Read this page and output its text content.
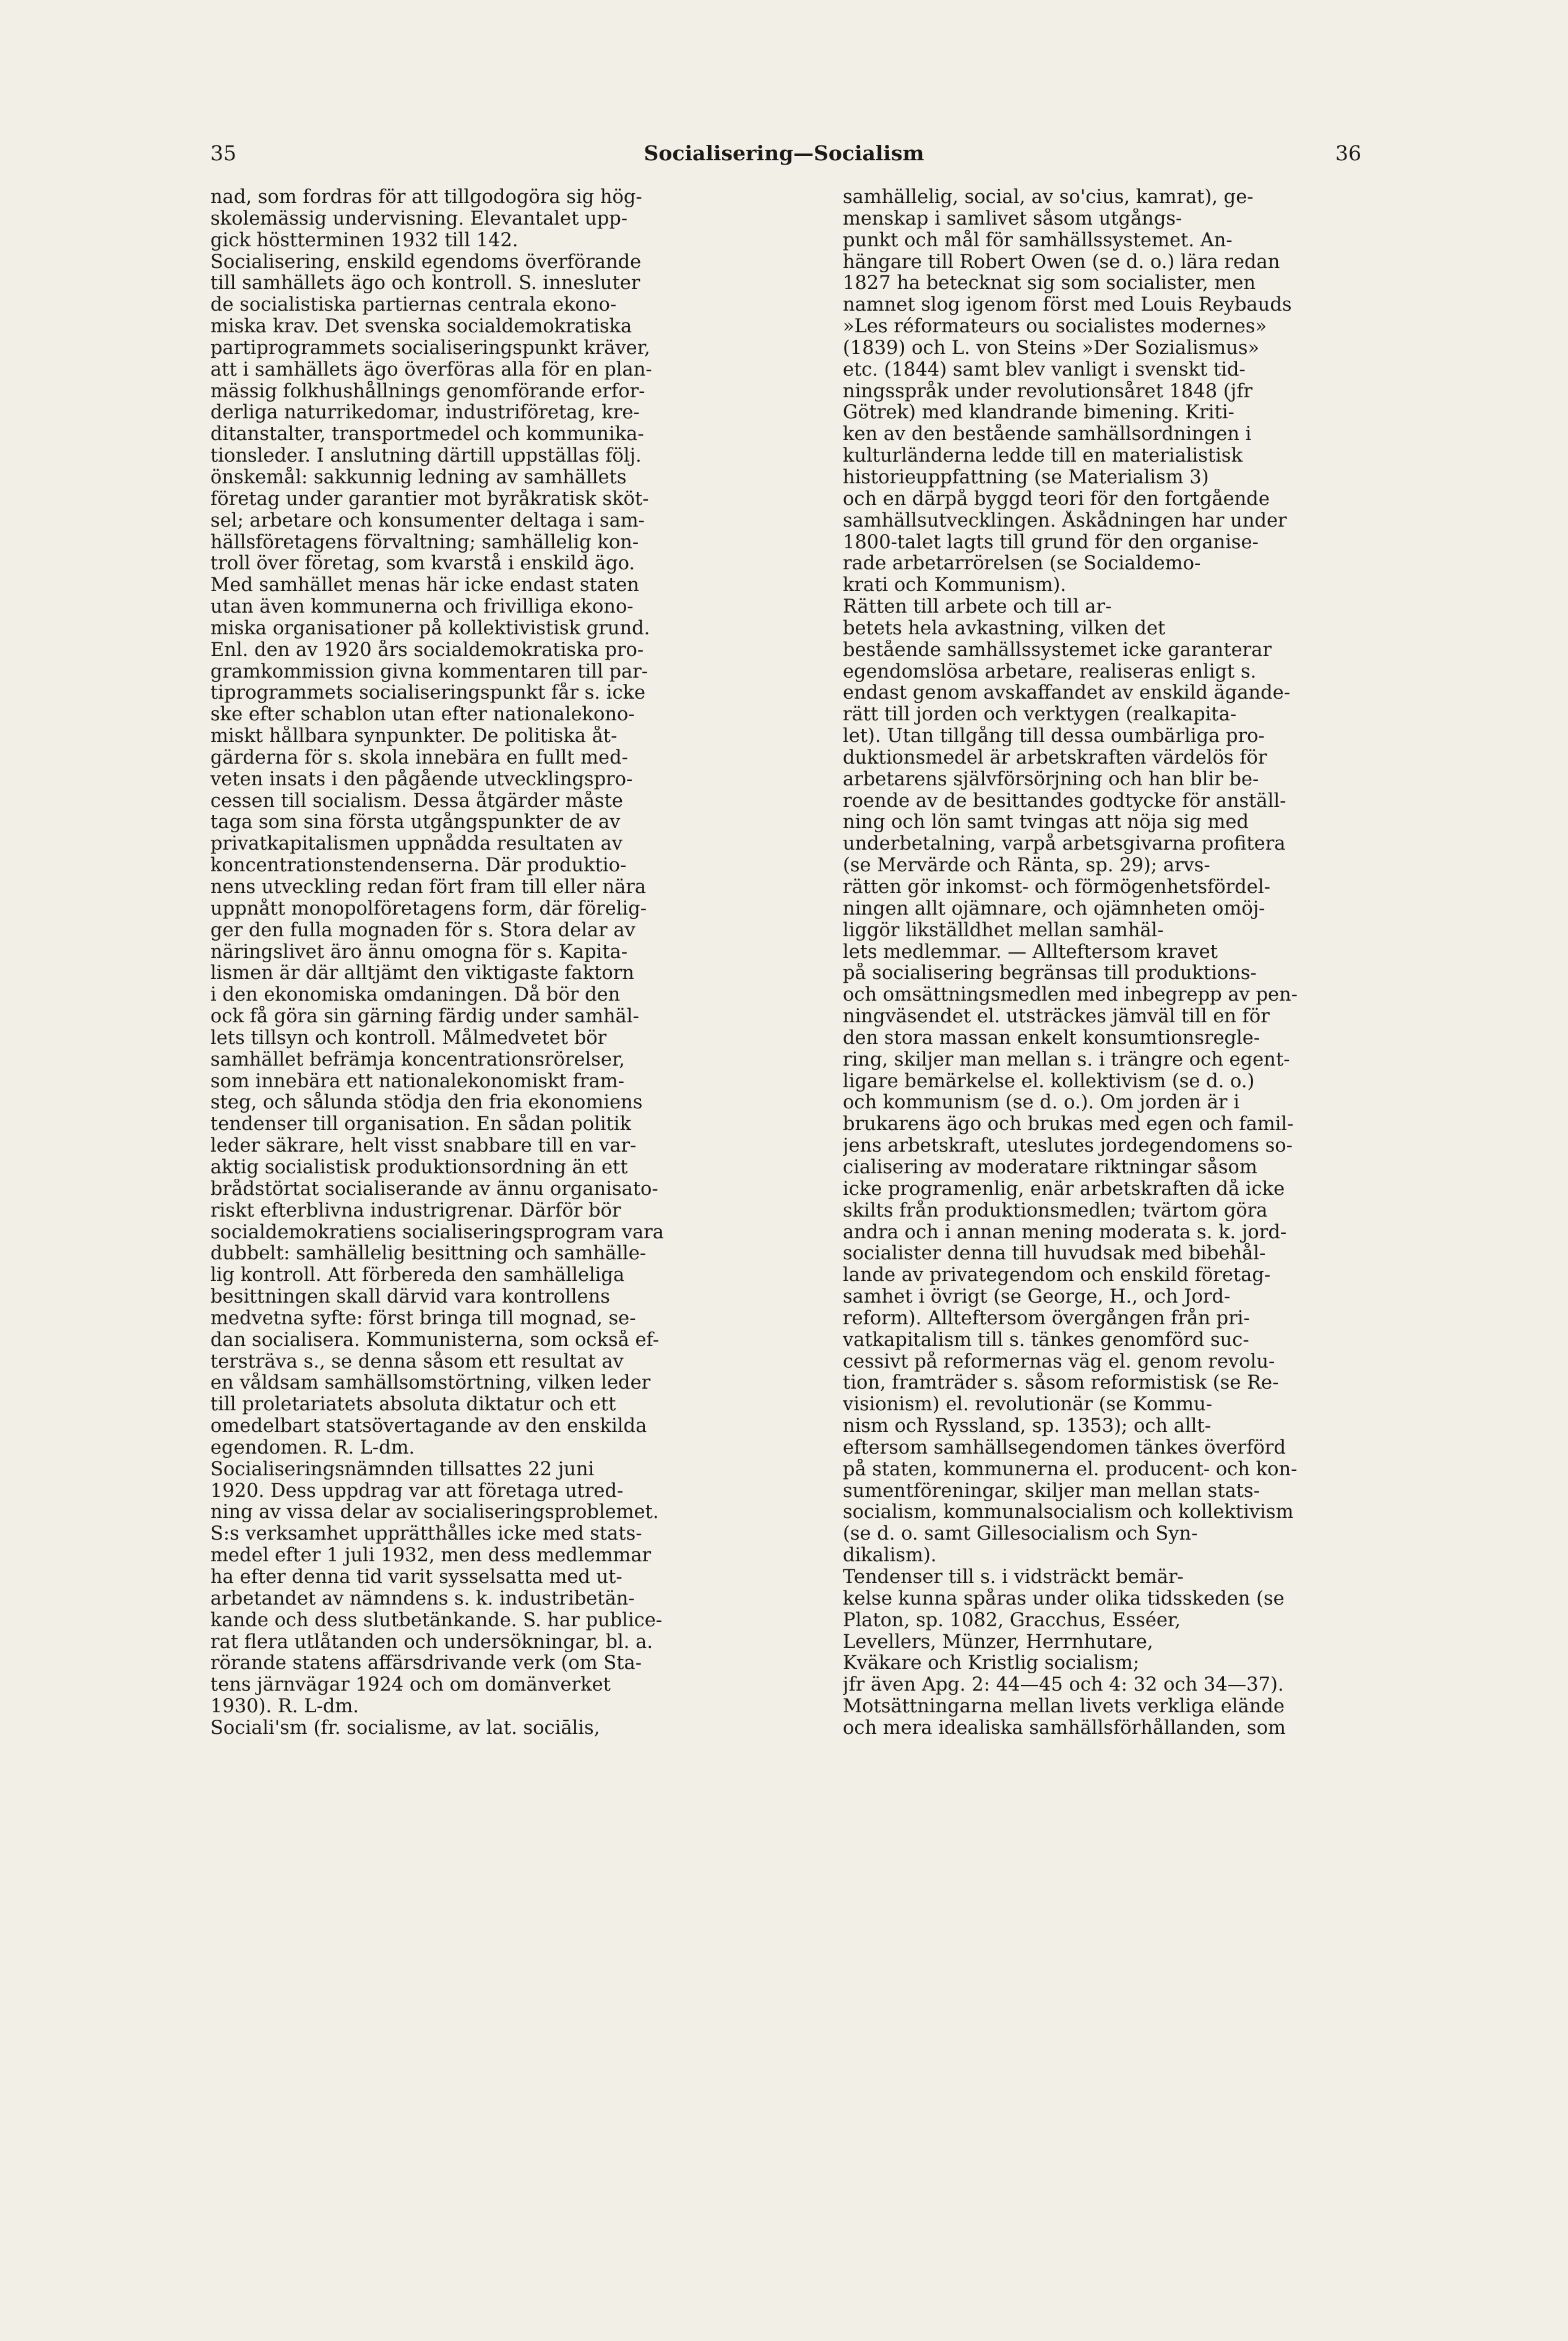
35	Socialisering—Socialism	36
nad, som fordras för att tillgodogöra sig hög-
skolemässig undervisning. Elevantalet upp-
gick höstterminen 1932 till 142.
Socialisering, enskild egendoms överförande
till samhällets ägo och kontroll. S. innesluter
de socialistiska partiernas centrala ekono-
miska krav. Det svenska socialdemokratiska
partiprogrammets socialiseringspunkt kräver,
att i samhällets ägo överföras alla för en plan-
mässig folkhushållnings genomförande erfor-
derliga naturrikedomar, industriföretag, kre-
ditanstalter, transportmedel och kommunika-
tionsleder. I anslutning därtill uppställas följ.
önskemål: sakkunnig ledning av samhällets
företag under garantier mot byråkratisk sköt-
sel; arbetare och konsumenter deltaga i sam-
hällsföretagens förvaltning; samhällelig kon-
troll över företag, som kvarstå i enskild ägo.
Med samhället menas här icke endast staten
utan även kommunerna och frivilliga ekono-
miska organisationer på kollektivistisk grund.
Enl. den av 1920 års socialdemokratiska pro-
gramkommission givna kommentaren till par-
tiprogrammets socialiseringspunkt får s. icke
ske efter schablon utan efter nationalekono-
miskt hållbara synpunkter. De politiska åt-
gärderna för s. skola innebära en fullt med-
veten insats i den pågående utvecklingspro-
cessen till socialism. Dessa åtgärder måste
taga som sina första utgångspunkter de av
privatkapitalismen uppnådda resultaten av
koncentrationstendenserna. Där produktio-
nens utveckling redan fört fram till eller nära
uppnått monopolföretagens form, där förelig-
ger den fulla mognaden för s. Stora delar av
näringslivet äro ännu omogna för s. Kapita-
lismen är där alltjämt den viktigaste faktorn
i den ekonomiska omdaningen. Då bör den
ock få göra sin gärning färdig under samhäl-
lets tillsyn och kontroll. Målmedvetet bör
samhället befrämja koncentrationsrörelser,
som innebära ett nationalekonomiskt fram-
steg, och sålunda stödja den fria ekonomiens
tendenser till organisation. En sådan politik
leder säkrare, helt visst snabbare till en var-
aktig socialistisk produktionsordning än ett
brådstörtat socialiserande av ännu organisato-
riskt efterblivna industrigrenar. Därför bör
socialdemokratiens socialiseringsprogram vara
dubbelt: samhällelig besittning och samhälle-
lig kontroll. Att förbereda den samhälleliga
besittningen skall därvid vara kontrollens
medvetna syfte: först bringa till mognad, se-
dan socialisera. Kommunisterna, som också ef-
tersträva s., se denna såsom ett resultat av
en våldsam samhällsomstörtning, vilken leder
till proletariatets absoluta diktatur och ett
omedelbart statsövertagande av den enskilda
egendomen. R. L-dm.
Socialiseringsnämnden tillsattes 22 juni
1920. Dess uppdrag var att företaga utred-
ning av vissa delar av socialiseringsproblemet.
S:s verksamhet upprätthålles icke med stats-
medel efter 1 juli 1932, men dess medlemmar
ha efter denna tid varit sysselsatta med ut-
arbetandet av nämndens s. k. industribetän-
kande och dess slutbetänkande. S. har publice-
rat flera utlåtanden och undersökningar, bl. a.
rörande statens affärsdrivande verk (om Sta-
tens järnvägar 1924 och om domänverket
1930). R. L-dm.
Sociali'sm (fr. socialisme, av lat. sociālis,
samhällelig, social, av so'cius, kamrat), ge-
menskap i samlivet såsom utgångs-
punkt och mål för samhällssystemet. An-
hängare till Robert Owen (se d. o.) lära redan
1827 ha betecknat sig som socialister, men
namnet slog igenom först med Louis Reybauds
»Les réformateurs ou socialistes modernes»
(1839) och L. von Steins »Der Sozialismus»
etc. (1844) samt blev vanligt i svenskt tid-
ningsspråk under revolutionsåret 1848 (jfr
Götrek) med klandrande bimening. Kriti-
ken av den bestående samhällsordningen i
kulturländerna ledde till en materialistisk
historieuppfattning (se Materialism 3)
och en därpå byggd teori för den fortgående
samhällsutvecklingen. Åskådningen har under
1800-talet lagts till grund för den organise-
rade arbetarrörelsen (se Socialdemo-
krati och Kommunism).
Rätten till arbete och till ar-
betets hela avkastning, vilken det
bestående samhällssystemet icke garanterar
egendomslösa arbetare, realiseras enligt s.
endast genom avskaffandet av enskild ägande-
rätt till jorden och verktygen (realkapita-
let). Utan tillgång till dessa oumbärliga pro-
duktionsmedel är arbetskraften värdelös för
arbetarens självförsörjning och han blir be-
roende av de besittandes godtycke för anställ-
ning och lön samt tvingas att nöja sig med
underbetalning, varpå arbetsgivarna profitera
(se Mervärde och Ränta, sp. 29); arvs-
rätten gör inkomst- och förmögenhetsfördel-
ningen allt ojämnare, och ojämnheten omöj-
liggör likställdhet mellan samhäl-
lets medlemmar. — Allteftersom kravet
på socialisering begränsas till produktions-
och omsättningsmedlen med inbegrepp av pen-
ningväsendet el. utsträckes jämväl till en för
den stora massan enkelt konsumtionsregle-
ring, skiljer man mellan s. i trängre och egent-
ligare bemärkelse el. kollektivism (se d. o.)
och kommunism (se d. o.). Om jorden är i
brukarens ägo och brukas med egen och famil-
jens arbetskraft, uteslutes jordegendomens so-
cialisering av moderatare riktningar såsom
icke programenlig, enär arbetskraften då icke
skilts från produktionsmedlen; tvärtom göra
andra och i annan mening moderata s. k. jord-
socialister denna till huvudsak med bibehål-
lande av privategendom och enskild företag-
samhet i övrigt (se George, H., och Jord-
reform). Allteftersom övergången från pri-
vatkapitalism till s. tänkes genomförd suc-
cessivt på reformernas väg el. genom revolu-
tion, framträder s. såsom reformistisk (se Re-
visionism) el. revolutionär (se Kommu-
nism och Ryssland, sp. 1353); och allt-
eftersom samhällsegendomen tänkes överförd
på staten, kommunerna el. producent- och kon-
sumentföreningar, skiljer man mellan stats-
socialism, kommunalsocialism och kollektivism
(se d. o. samt Gillesocialism och Syn-
dikalism).
Tendenser till s. i vidsträckt bemär-
kelse kunna spåras under olika tidsskeden (se
Platon, sp. 1082, Gracchus, Esséer,
Levellers, Münzer, Herrnhutare,
Kväkare och Kristlig socialism;
jfr även Apg. 2: 44—45 och 4: 32 och 34—37).
Motsättningarna mellan livets verkliga elände
och mera idealiska samhällsförhållanden, som
